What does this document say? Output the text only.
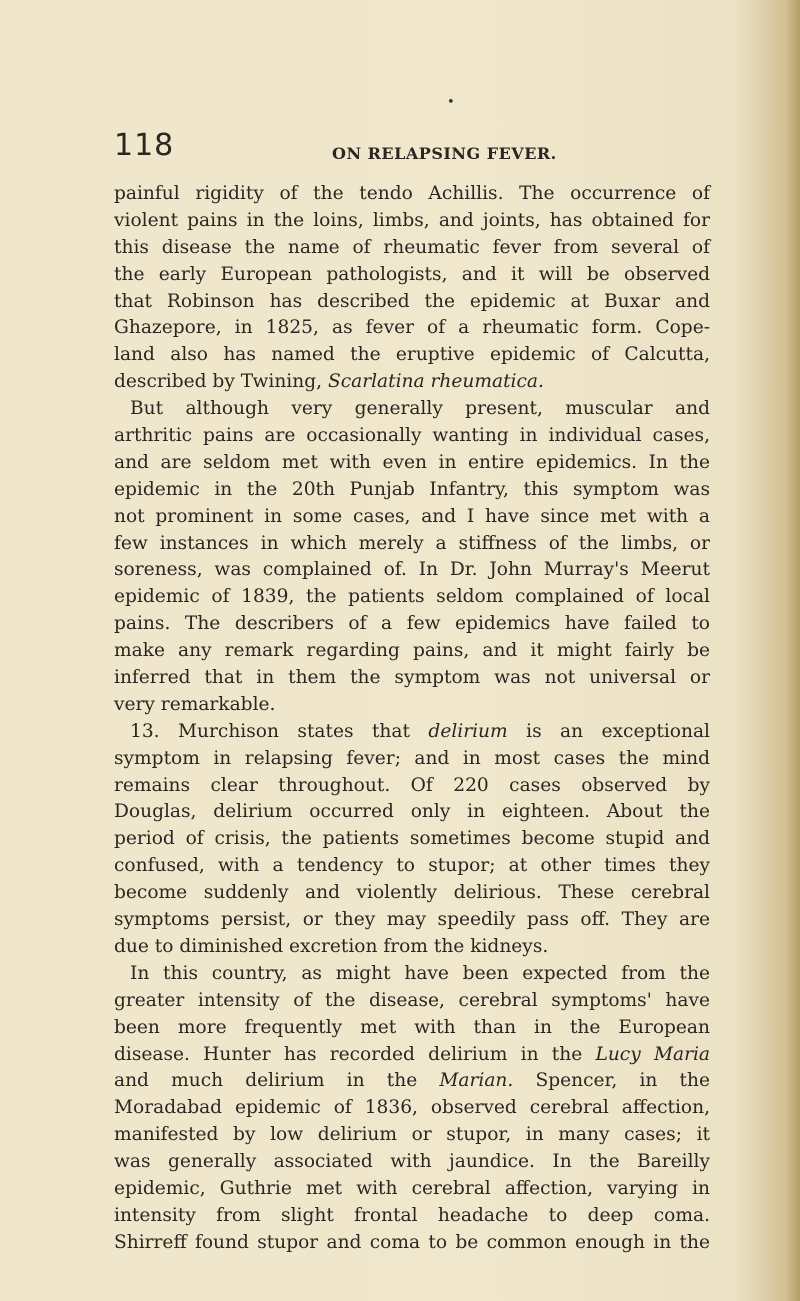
•
118	ON RELAPSING FEVER.
painful rigidity of the tendo Achillis. The occurrence of
violent pains in the loins, limbs, and joints, has obtained for
this disease the name of rheumatic fever from several of
the early European pathologists, and it will be observed
that Robinson has described the epidemic at Buxar and
Ghazepore, in 1825, as fever of a rheumatic form. Cope-
land also has named the eruptive epidemic of Calcutta,
described by Twining, Scarlatina rheumatica.
But although very generally present, muscular and
arthritic pains are occasionally wanting in individual cases,
and are seldom met with even in entire epidemics. In the
epidemic in the 20th Punjab Infantry, this symptom was
not prominent in some cases, and I have since met with a
few instances in which merely a stiffness of the limbs, or
soreness, was complained of. In Dr. John Murray's Meerut
epidemic of 1839, the patients seldom complained of local
pains. The describers of a few epidemics have failed to
make any remark regarding pains, and it might fairly be
inferred that in them the symptom was not universal or
very remarkable.
13. Murchison states that delirium is an exceptional
symptom in relapsing fever; and in most cases the mind
remains clear throughout. Of 220 cases observed by
Douglas, delirium occurred only in eighteen. About the
period of crisis, the patients sometimes become stupid and
confused, with a tendency to stupor; at other times they
become suddenly and violently delirious. These cerebral
symptoms persist, or they may speedily pass off. They are
due to diminished excretion from the kidneys.
In this country, as might have been expected from the
greater intensity of the disease, cerebral symptoms' have
been more frequently met with than in the European
disease. Hunter has recorded delirium in the Lucy Maria
and much delirium in the Marian. Spencer, in the
Moradabad epidemic of 1836, observed cerebral affection,
manifested by low delirium or stupor, in many cases; it
was generally associated with jaundice. In the Bareilly
epidemic, Guthrie met with cerebral affection, varying in
intensity from slight frontal headache to deep coma.
Shirreff found stupor and coma to be common enough in the
